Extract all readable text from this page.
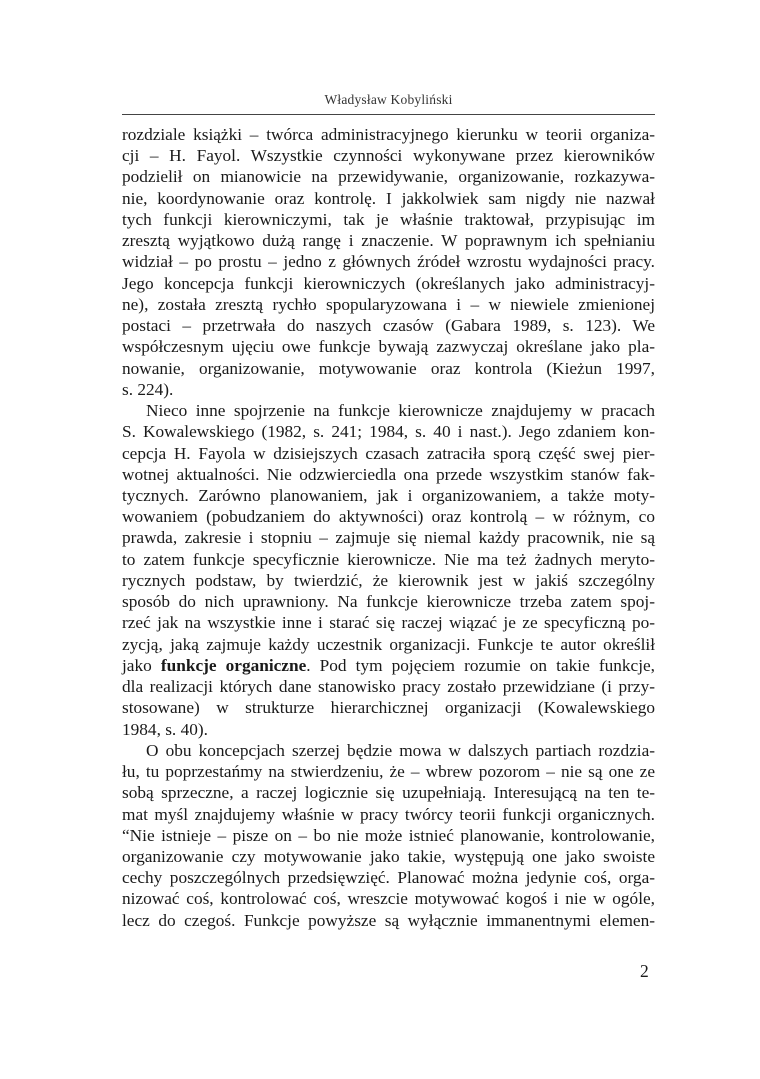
Władysław Kobyliński
rozdziale książki – twórca administracyjnego kierunku w teorii organiza-
cji – H. Fayol. Wszystkie czynności wykonywane przez kierowników
podzielił on mianowicie na przewidywanie, organizowanie, rozkazywa-
nie, koordynowanie oraz kontrolę. I jakkolwiek sam nigdy nie nazwał
tych funkcji kierowniczymi, tak je właśnie traktował, przypisując im
zresztą wyjątkowo dużą rangę i znaczenie. W poprawnym ich spełnianiu
widział – po prostu – jedno z głównych źródeł wzrostu wydajności pracy.
Jego koncepcja funkcji kierowniczych (określanych jako administracyj-
ne), została zresztą rychło spopularyzowana i – w niewiele zmienionej
postaci – przetrwała do naszych czasów (Gabara 1989, s. 123). We
współczesnym ujęciu owe funkcje bywają zazwyczaj określane jako pla-
nowanie, organizowanie, motywowanie oraz kontrola (Kieżun 1997,
s. 224).
Nieco inne spojrzenie na funkcje kierownicze znajdujemy w pracach
S. Kowalewskiego (1982, s. 241; 1984, s. 40 i nast.). Jego zdaniem kon-
cepcja H. Fayola w dzisiejszych czasach zatraciła sporą część swej pier-
wotnej aktualności. Nie odzwierciedla ona przede wszystkim stanów fak-
tycznych. Zarówno planowaniem, jak i organizowaniem, a także moty-
wowaniem (pobudzaniem do aktywności) oraz kontrolą – w różnym, co
prawda, zakresie i stopniu – zajmuje się niemal każdy pracownik, nie są
to zatem funkcje specyficznie kierownicze. Nie ma też żadnych meryto-
rycznych podstaw, by twierdzić, że kierownik jest w jakiś szczególny
sposób do nich uprawniony. Na funkcje kierownicze trzeba zatem spoj-
rzeć jak na wszystkie inne i starać się raczej wiązać je ze specyficzną po-
zycją, jaką zajmuje każdy uczestnik organizacji. Funkcje te autor określił
jako funkcje organiczne. Pod tym pojęciem rozumie on takie funkcje,
dla realizacji których dane stanowisko pracy zostało przewidziane (i przy-
stosowane) w strukturze hierarchicznej organizacji (Kowalewskiego
1984, s. 40).
O obu koncepcjach szerzej będzie mowa w dalszych partiach rozdzia-
łu, tu poprzestańmy na stwierdzeniu, że – wbrew pozorom – nie są one ze
sobą sprzeczne, a raczej logicznie się uzupełniają. Interesującą na ten te-
mat myśl znajdujemy właśnie w pracy twórcy teorii funkcji organicznych.
“Nie istnieje – pisze on – bo nie może istnieć planowanie, kontrolowanie,
organizowanie czy motywowanie jako takie, występują one jako swoiste
cechy poszczególnych przedsięwzięć. Planować można jedynie coś, orga-
nizować coś, kontrolować coś, wreszcie motywować kogoś i nie w ogóle,
lecz do czegoś. Funkcje powyższe są wyłącznie immanentnymi elemen-
2
